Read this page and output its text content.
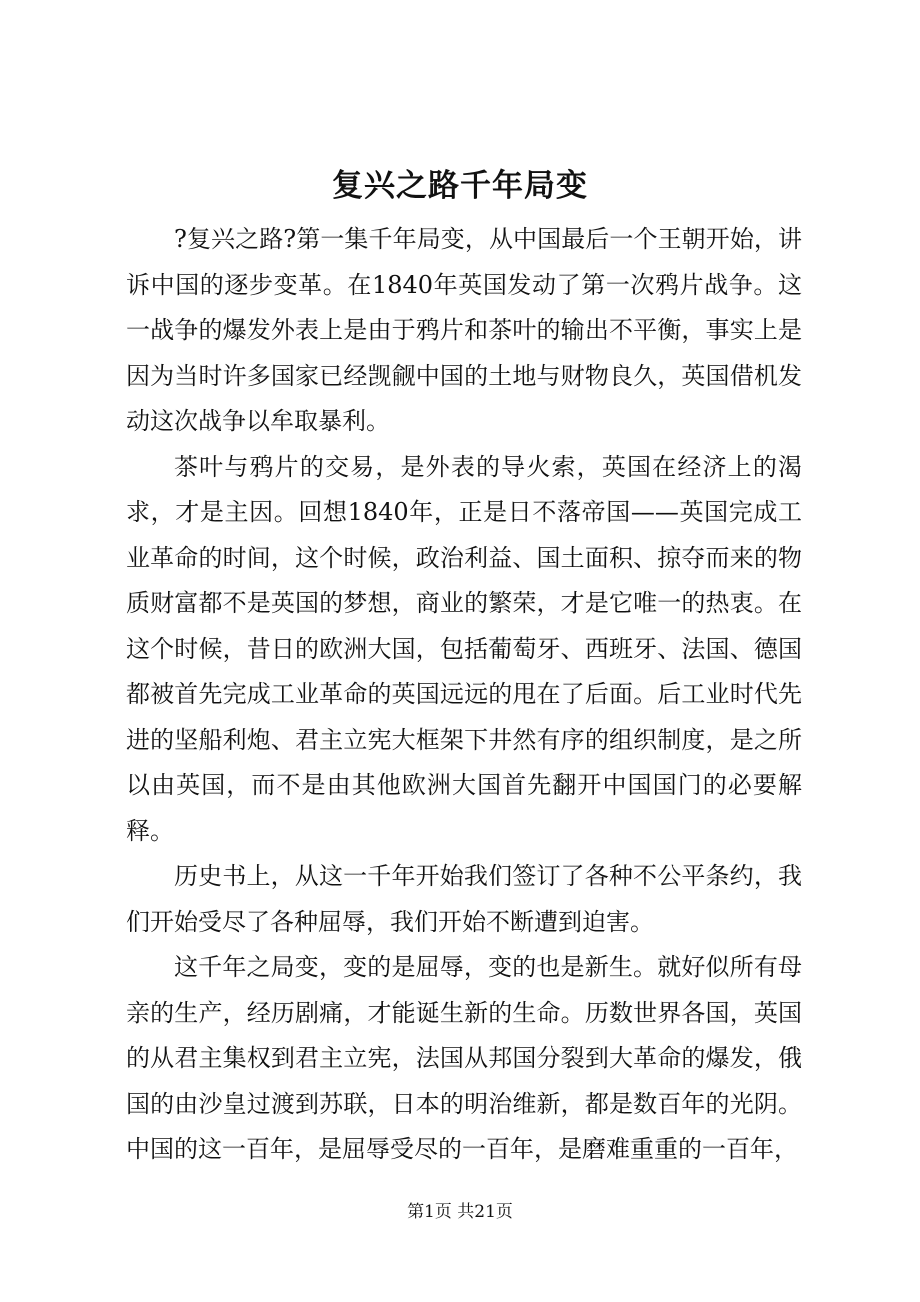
复兴之路千年局变

?复兴之路?第一集千年局变，从中国最后一个王朝开始，讲诉中国的逐步变革。在1840年英国发动了第一次鸦片战争。这一战争的爆发外表上是由于鸦片和茶叶的输出不平衡，事实上是因为当时许多国家已经觊觎中国的土地与财物良久，英国借机发动这次战争以牟取暴利。

茶叶与鸦片的交易，是外表的导火索，英国在经济上的渴求，才是主因。回想1840年，正是日不落帝国——英国完成工业革命的时间，这个时候，政治利益、国土面积、掠夺而来的物质财富都不是英国的梦想，商业的繁荣，才是它唯一的热衷。在这个时候，昔日的欧洲大国，包括葡萄牙、西班牙、法国、德国都被首先完成工业革命的英国远远的甩在了后面。后工业时代先进的坚船利炮、君主立宪大框架下井然有序的组织制度，是之所以由英国，而不是由其他欧洲大国首先翻开中国国门的必要解释。

历史书上，从这一千年开始我们签订了各种不公平条约，我们开始受尽了各种屈辱，我们开始不断遭到迫害。

这千年之局变，变的是屈辱，变的也是新生。就好似所有母亲的生产，经历剧痛，才能诞生新的生命。历数世界各国，英国的从君主集权到君主立宪，法国从邦国分裂到大革命的爆发，俄国的由沙皇过渡到苏联，日本的明治维新，都是数百年的光阴。中国的这一百年，是屈辱受尽的一百年，是磨难重重的一百年，

第1页 共21页
